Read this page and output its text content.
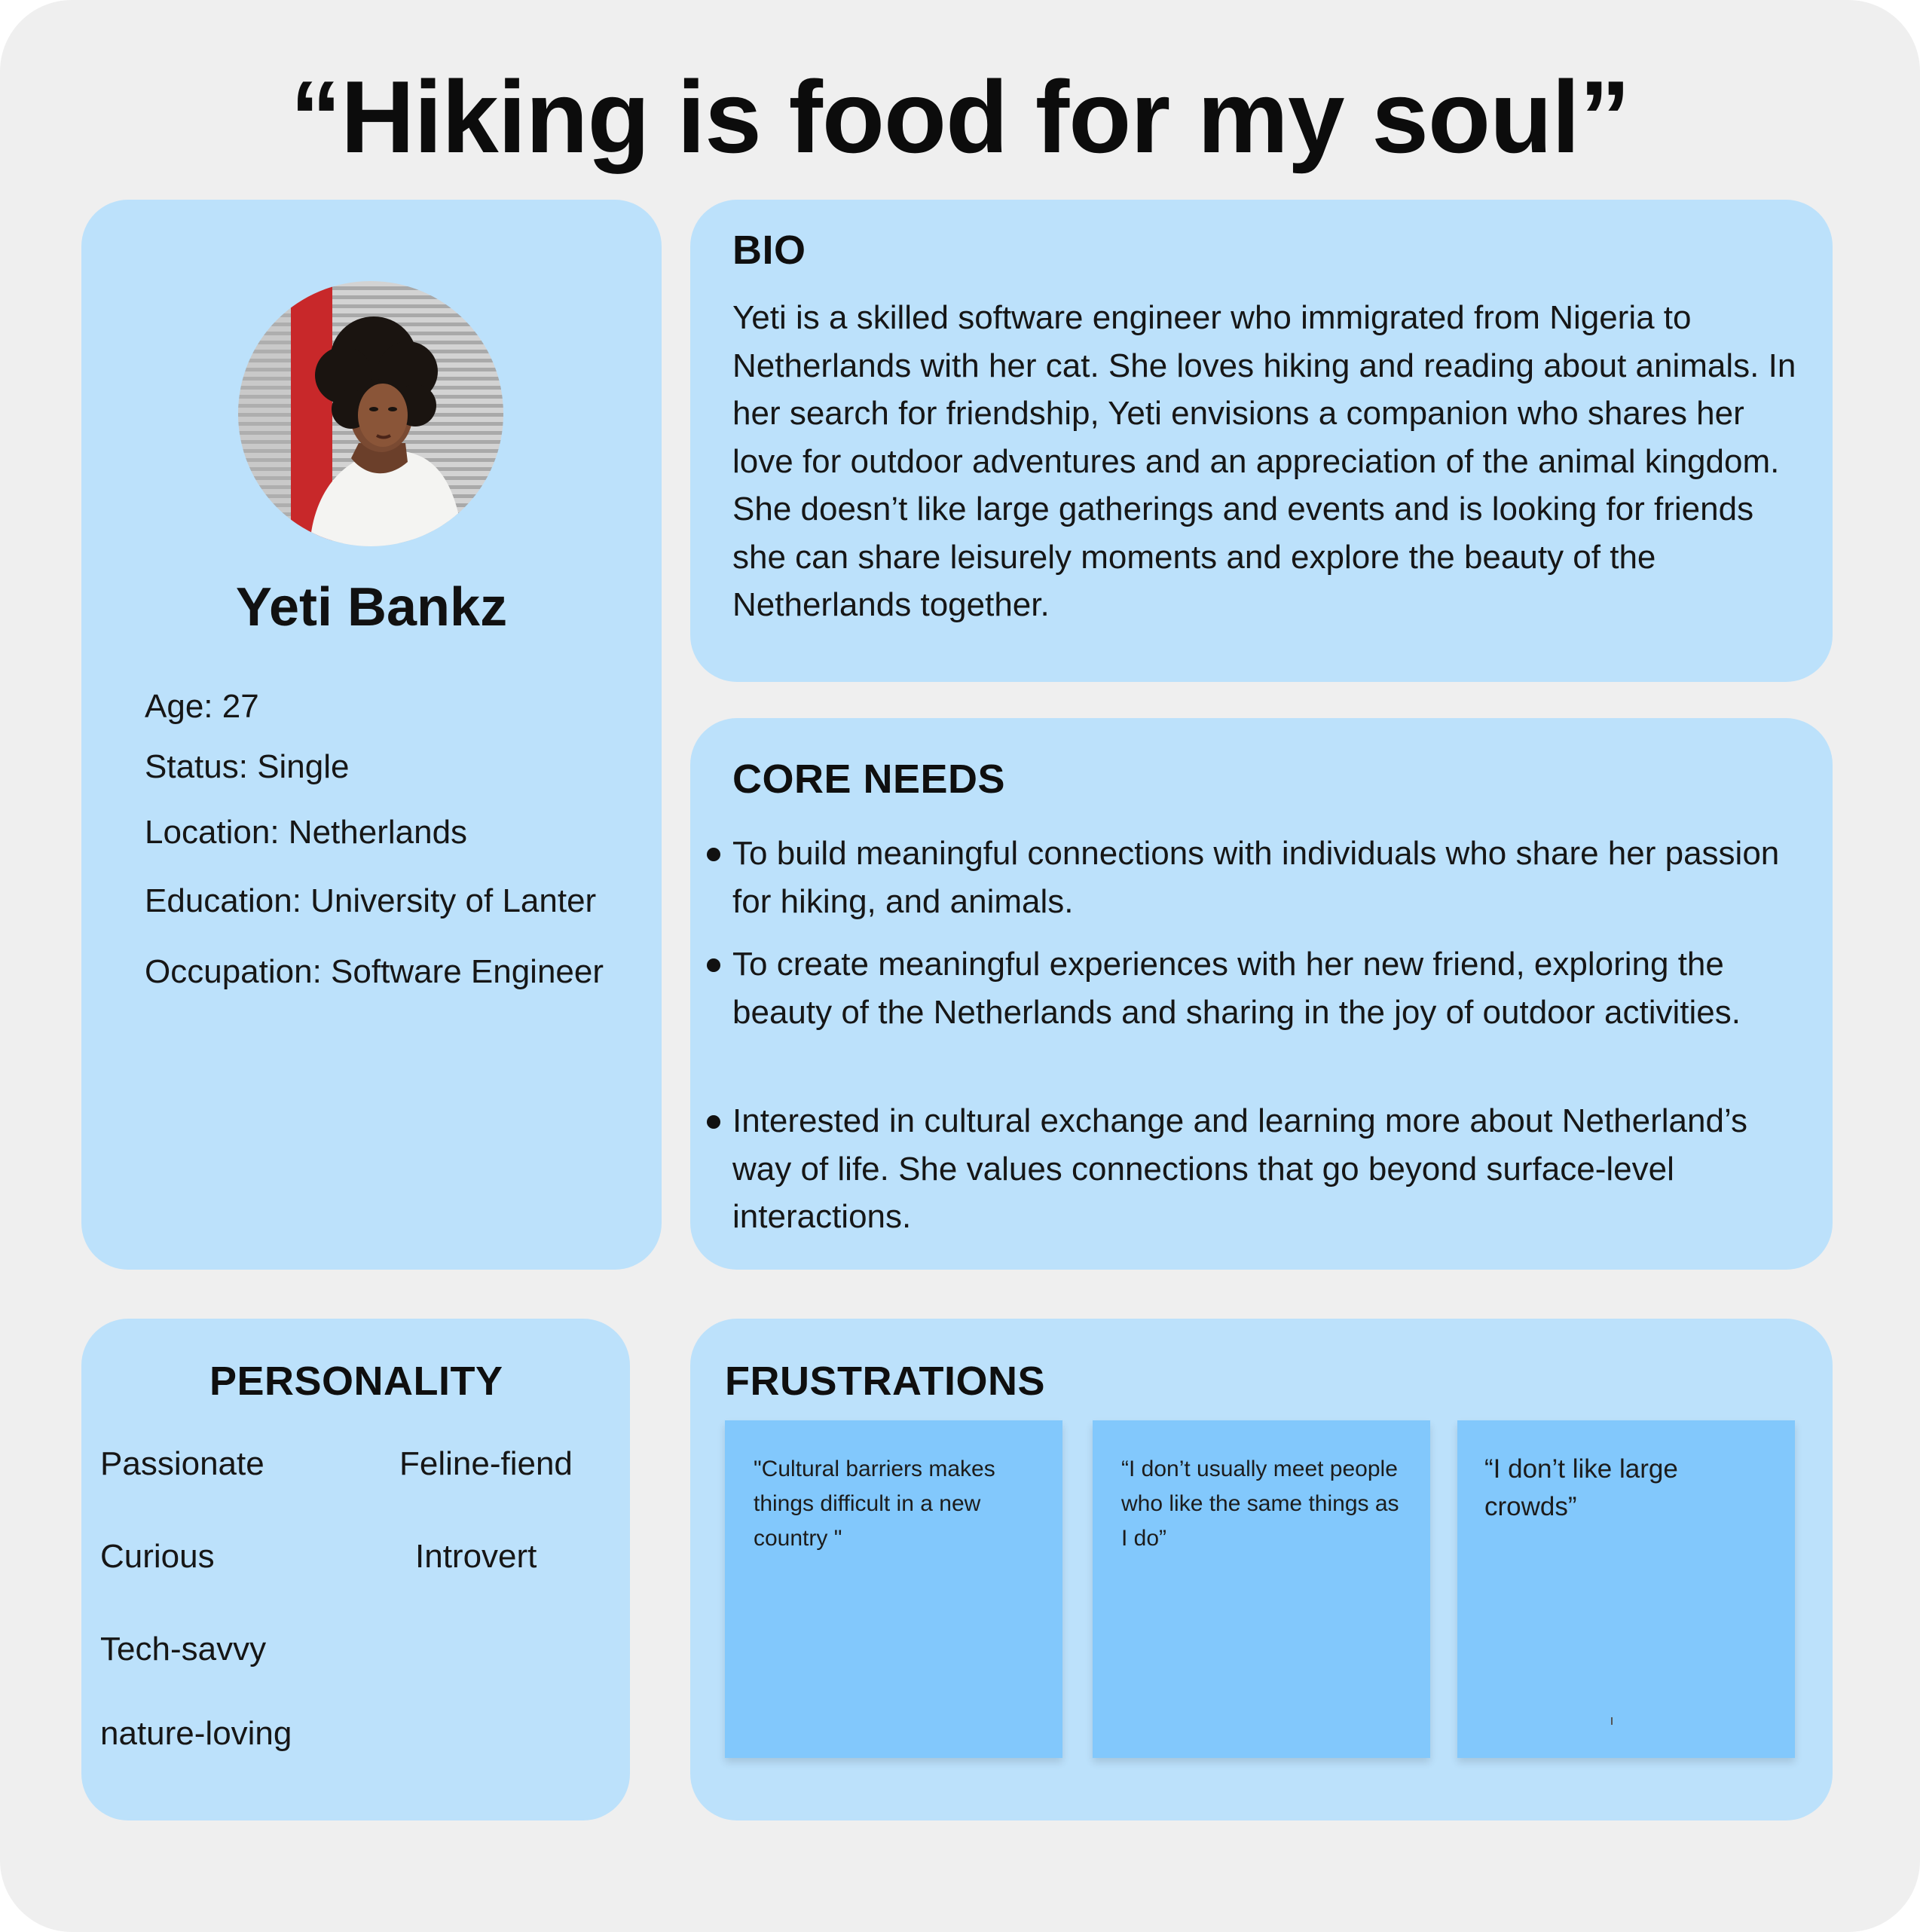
“Hiking is food for my soul”
Yeti Bankz
Age: 27
Status: Single
Location: Netherlands
Education: University of Lanter
Occupation: Software Engineer
BIO
Yeti is a skilled software engineer who immigrated from Nigeria to Netherlands with her cat. She loves hiking and reading about animals. In her search for friendship, Yeti envisions a companion who shares her love for outdoor adventures and an appreciation of the animal kingdom. She doesn’t like large gatherings and events and is looking for friends she can share leisurely moments and explore the beauty of the Netherlands together.
CORE NEEDS
To build meaningful connections with individuals who share her passion for hiking, and animals.
To create meaningful experiences with her new friend, exploring the beauty of the Netherlands and sharing in the joy of outdoor activities.
Interested in cultural exchange and learning more about Netherland’s way of life. She values connections that go beyond surface-level interactions.
PERSONALITY
Passionate	Feline-fiend
Curious	Introvert
Tech-savvy
nature-loving
FRUSTRATIONS
"Cultural barriers makes things difficult in a new country "
“I don’t usually meet people who like the same things as I do”
“I don’t like large crowds”
